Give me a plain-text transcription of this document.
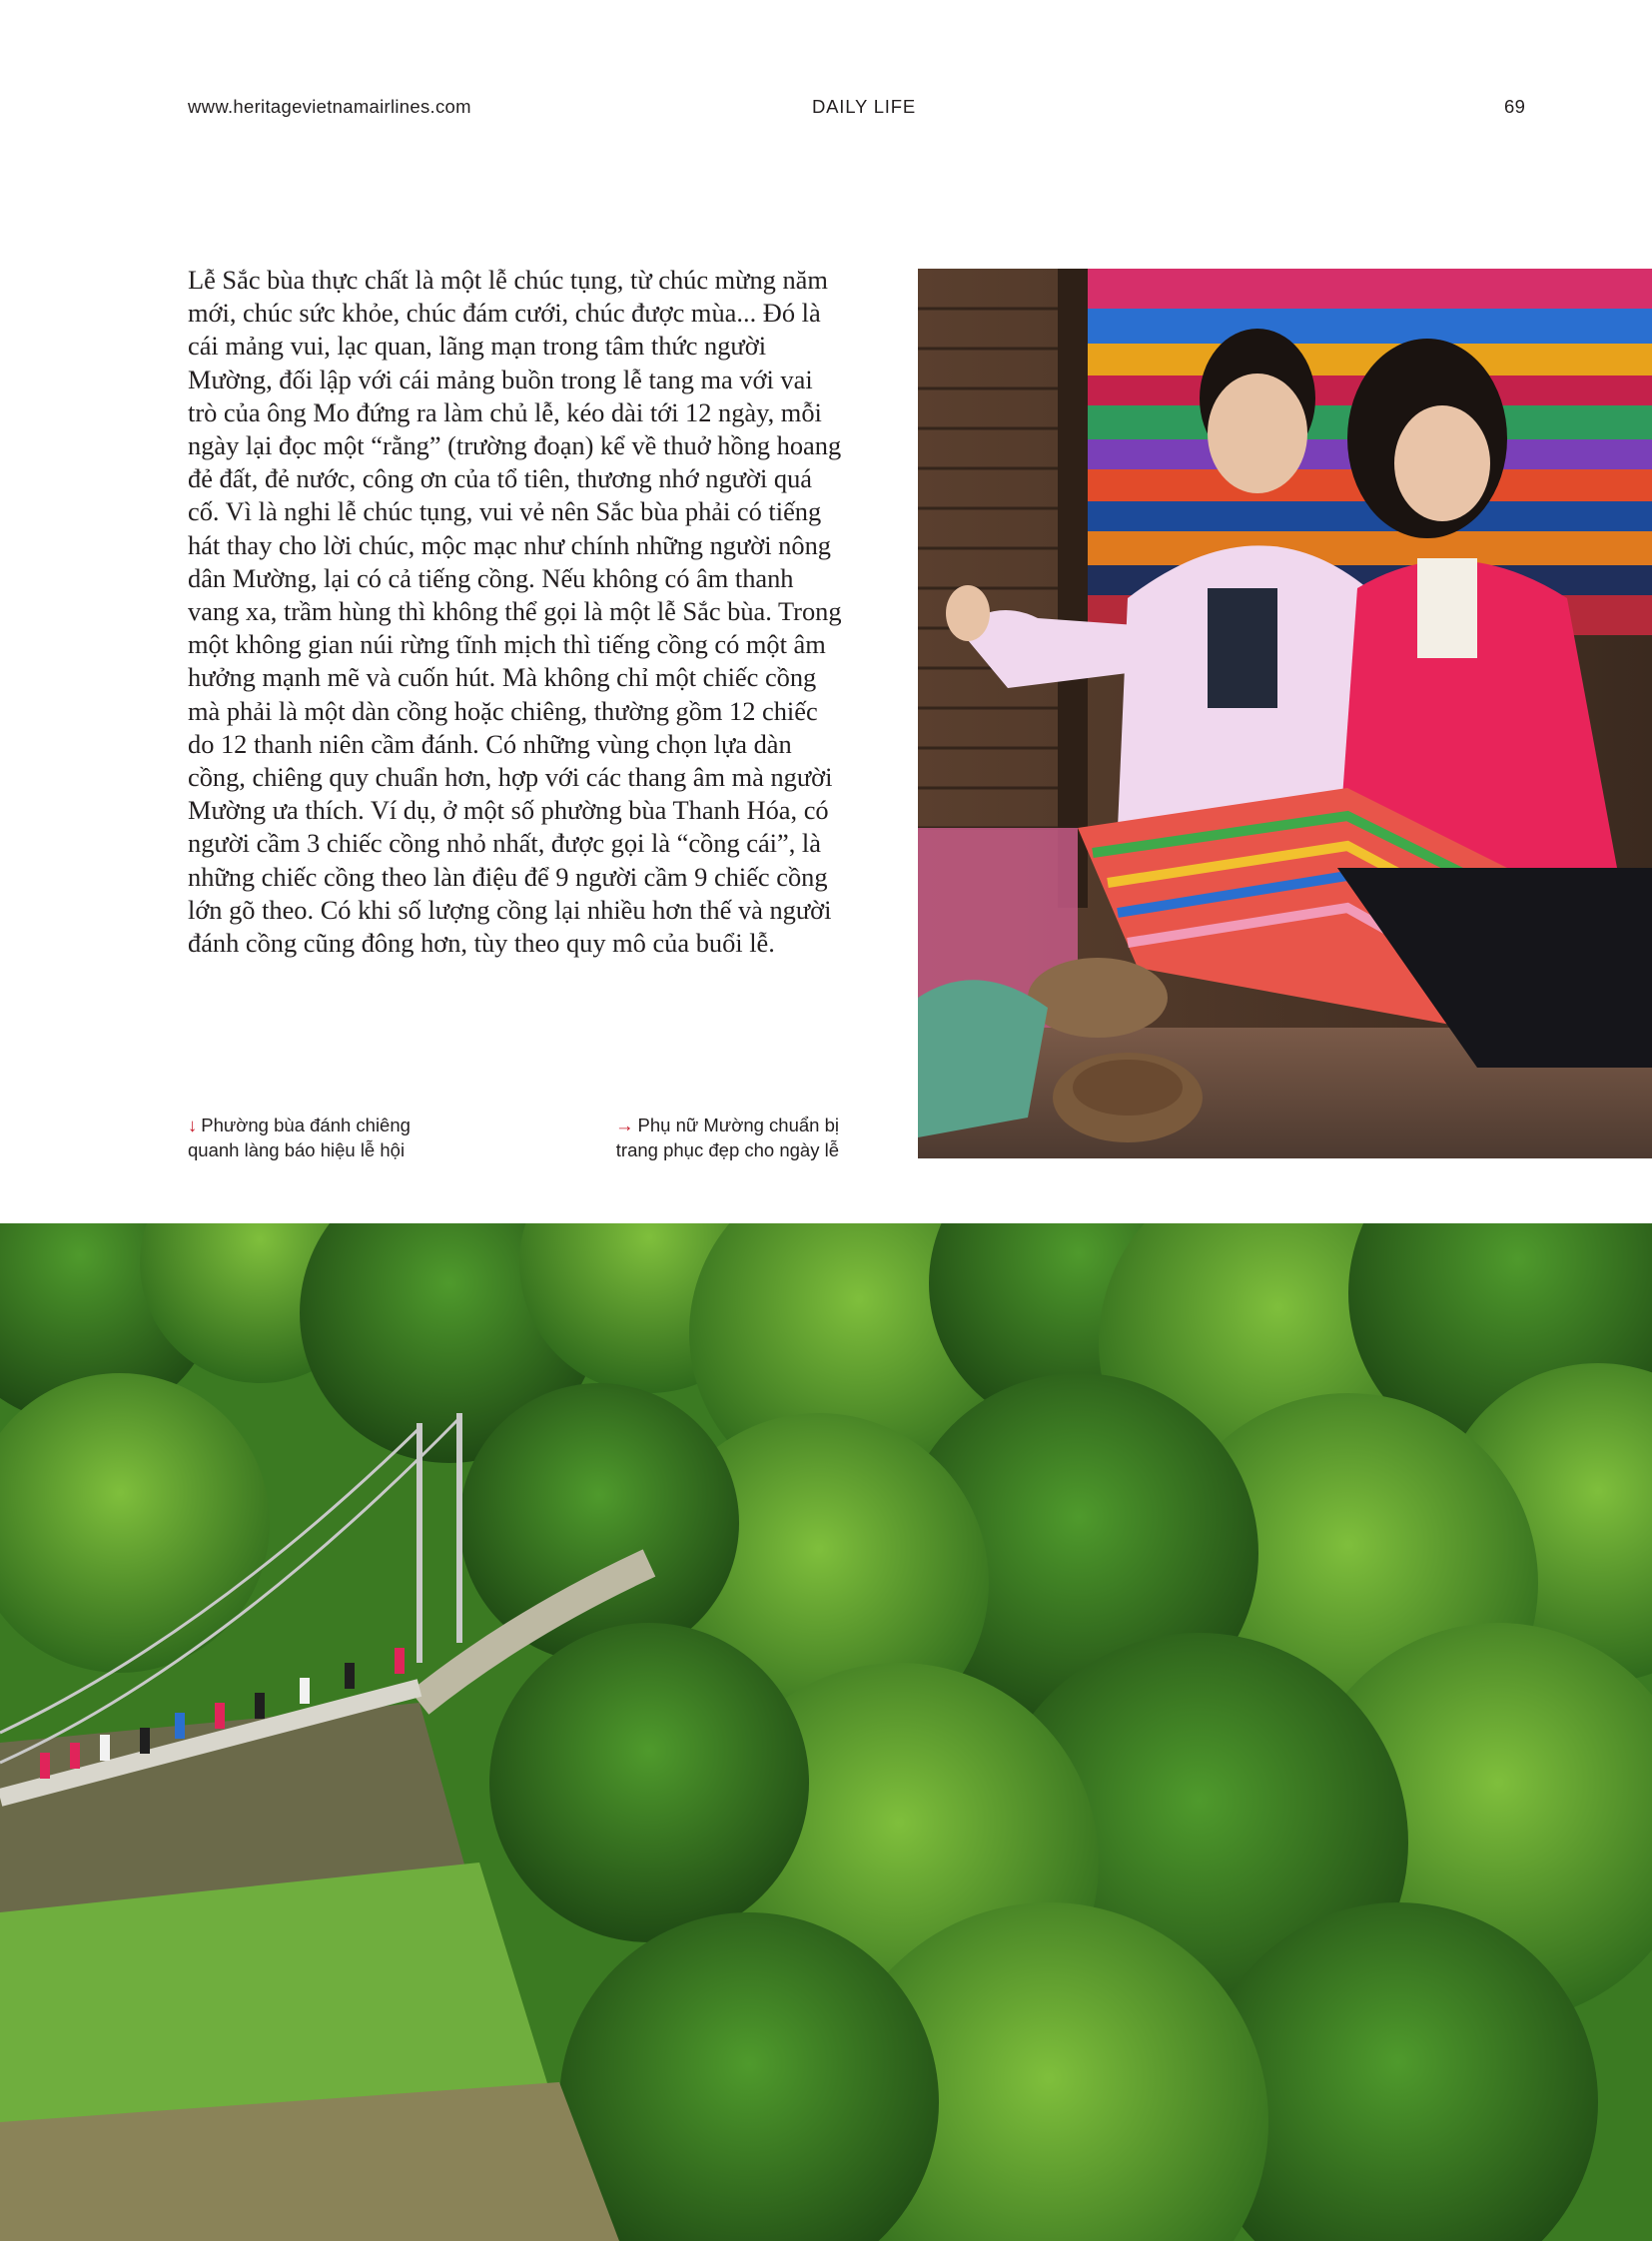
www.heritagevietnamairlines.com	DAILY LIFE	69

Lễ Sắc bùa thực chất là một lễ chúc tụng, từ chúc mừng năm mới, chúc sức khỏe, chúc đám cưới, chúc được mùa... Đó là cái mảng vui, lạc quan, lãng mạn trong tâm thức người Mường, đối lập với cái mảng buồn trong lễ tang ma với vai trò của ông Mo đứng ra làm chủ lễ, kéo dài tới 12 ngày, mỗi ngày lại đọc một “rằng” (trường đoạn) kể về thuở hồng hoang đẻ đất, đẻ nước, công ơn của tổ tiên, thương nhớ người quá cố. Vì là nghi lễ chúc tụng, vui vẻ nên Sắc bùa phải có tiếng hát thay cho lời chúc, mộc mạc như chính những người nông dân Mường, lại có cả tiếng cồng. Nếu không có âm thanh vang xa, trầm hùng thì không thể gọi là một lễ Sắc bùa. Trong một không gian núi rừng tĩnh mịch thì tiếng cồng có một âm hưởng mạnh mẽ và cuốn hút. Mà không chỉ một chiếc cồng mà phải là một dàn cồng hoặc chiêng, thường gồm 12 chiếc do 12 thanh niên cầm đánh. Có những vùng chọn lựa dàn cồng, chiêng quy chuẩn hơn, hợp với các thang âm mà người Mường ưa thích. Ví dụ, ở một số phường bùa Thanh Hóa, có người cầm 3 chiếc cồng nhỏ nhất, được gọi là “cồng cái”, là những chiếc cồng theo làn điệu để 9 người cầm 9 chiếc cồng lớn gõ theo. Có khi số lượng cồng lại nhiều hơn thế và người đánh cồng cũng đông hơn, tùy theo quy mô của buổi lễ.

↓ Phường bùa đánh chiêng quanh làng báo hiệu lễ hội
→ Phụ nữ Mường chuẩn bị trang phục đẹp cho ngày lễ
